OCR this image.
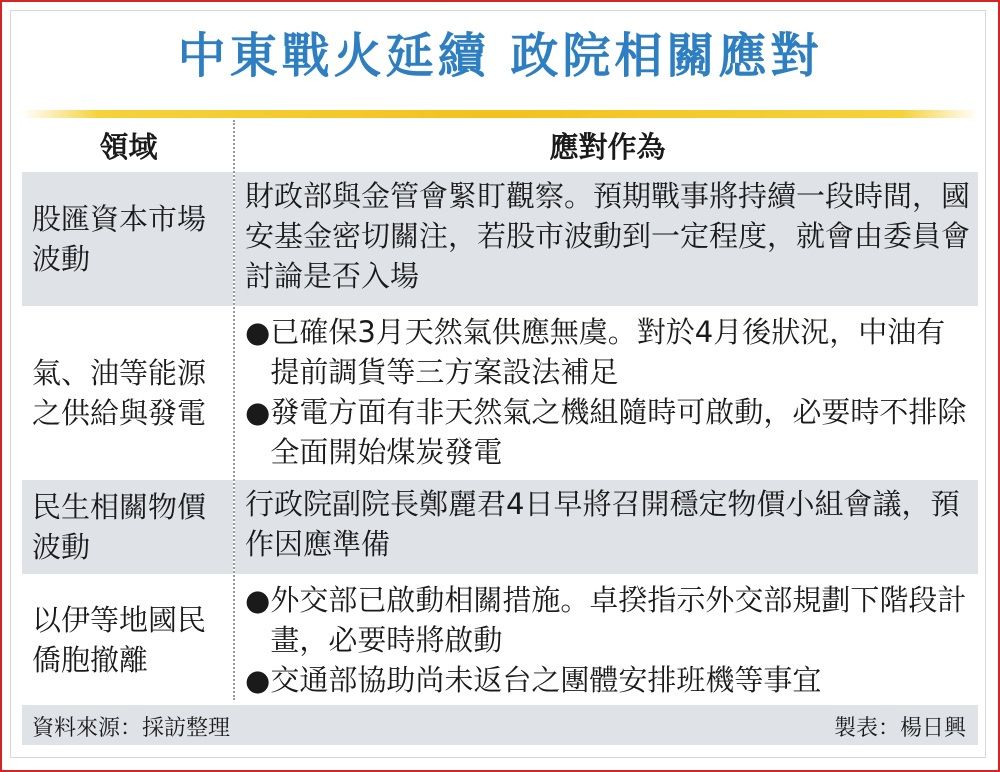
中東戰火延續 政院相關應對
領域	應對作為
股匯資本市場波動
財政部與金管會緊盯觀察。預期戰事將持續一段時間，國安基金密切關注，若股市波動到一定程度，就會由委員會討論是否入場
氣、油等能源之供給與發電
● 已確保3月天然氣供應無虞。對於4月後狀況，中油有提前調貨等三方案設法補足
● 發電方面有非天然氣之機組隨時可啟動，必要時不排除全面開始煤炭發電
民生相關物價波動
行政院副院長鄭麗君4日早將召開穩定物價小組會議，預作因應準備
以伊等地國民僑胞撤離
● 外交部已啟動相關措施。卓揆指示外交部規劃下階段計畫，必要時將啟動
● 交通部協助尚未返台之團體安排班機等事宜
資料來源：採訪整理	製表：楊日興
